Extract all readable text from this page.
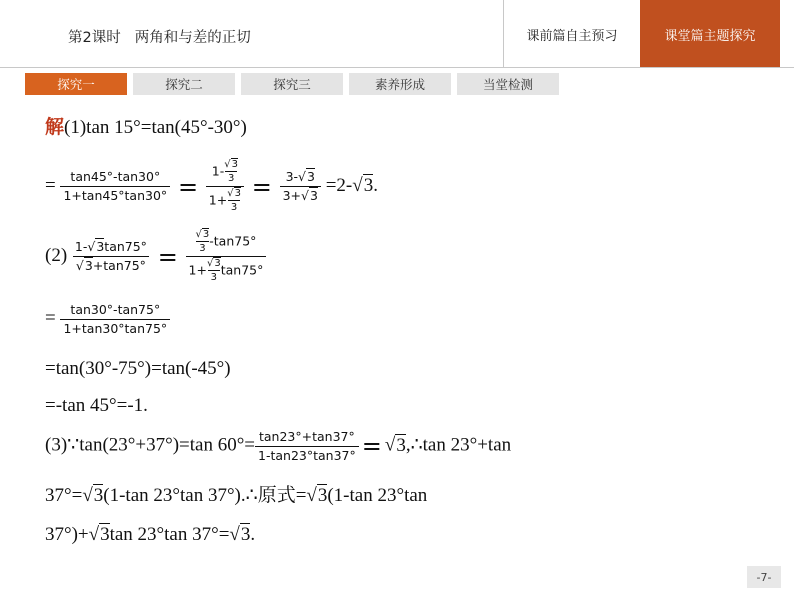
第2课时 两角和与差的正切	课前篇自主预习	课堂篇主题探究
探究一	探究二	探究三	素养形成	当堂检测
解(1)tan 15°=tan(45°-30°)
= $\frac{\tan 45^\circ-\tan 30^\circ}{1+\tan 45^\circ\tan 30^\circ} = \frac{1- \frac{√3}{3}}{1+ \frac{√3}{3}} = \frac{3-√3}{3+√3} =2-√3$.
$(2) \frac{1-√3\tan 75^\circ}{√3+\tan 75^\circ} = \frac{\frac{√3}{3} -\tan 75^\circ}{1+ \frac{√3}{3} \tan 75^\circ}$
= $\frac{\tan 30^\circ-\tan 75^\circ}{1+\tan 30^\circ\tan 75^\circ}$
=tan(30°-75°)=tan(-45°)
=-tan 45°=-1.
(3)∵tan(23°+37°)=tan $60^\circ= \frac{\tan 23^\circ+\tan 37^\circ}{1-\tan 23^\circ\tan 37^\circ}$ = √3,∴tan 23°+tan
37°=√3(1-tan 23°tan 37°).∴原式=√3(1-tan 23°tan
37°)+√3tan 23°tan 37°=√3.
-7-
